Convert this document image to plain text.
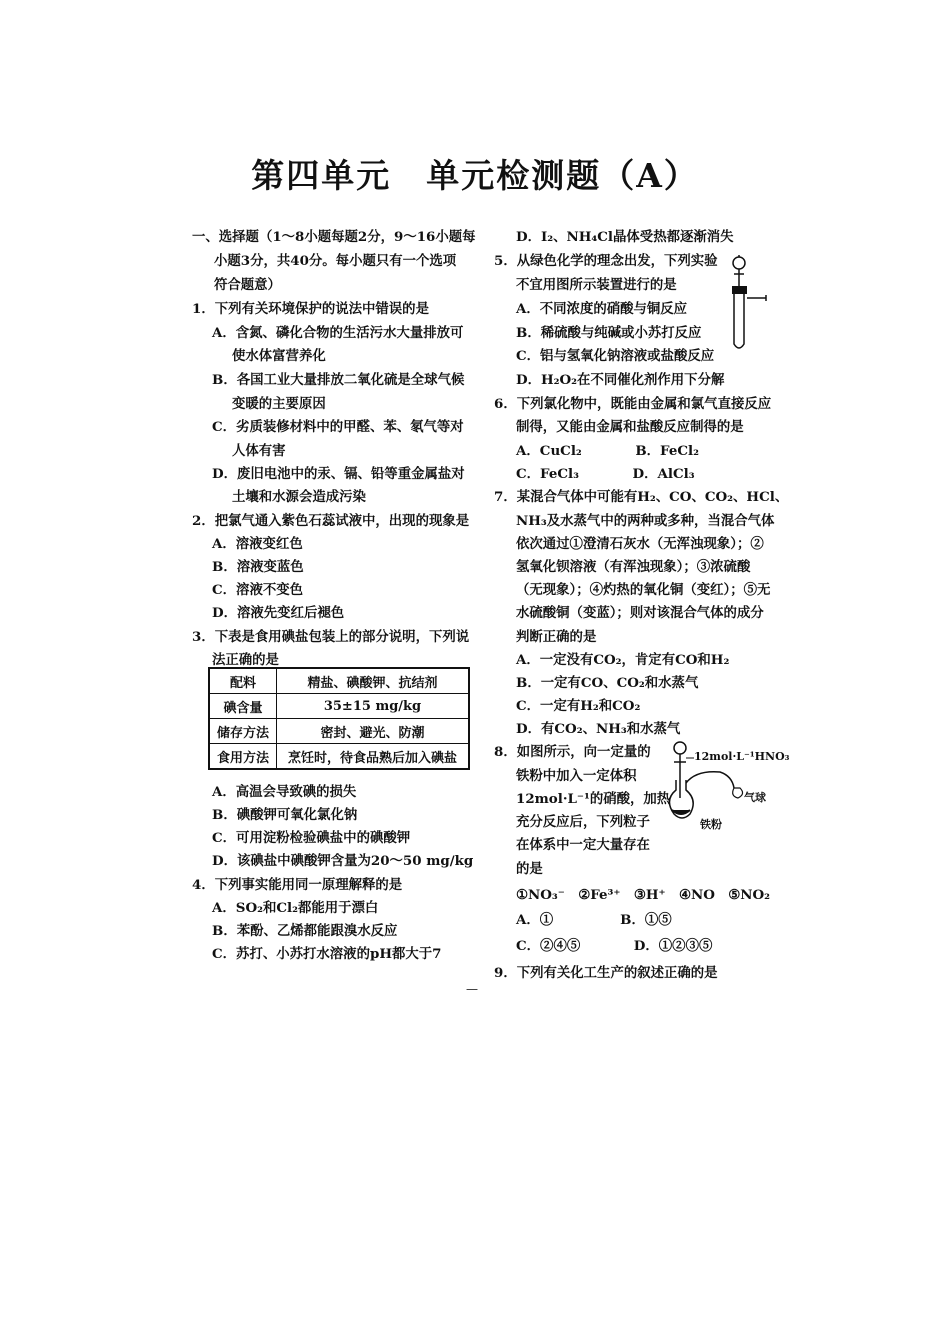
第四单元　单元检测题（A）
一、选择题（1～8小题每题2分，9～16小题每
小题3分，共40分。每小题只有一个选项
符合题意）
1．下列有关环境保护的说法中错误的是
A．含氮、磷化合物的生活污水大量排放可
使水体富营养化
B．各国工业大量排放二氧化硫是全球气候
变暖的主要原因
C．劣质装修材料中的甲醛、苯、氡气等对
人体有害
D．废旧电池中的汞、镉、铅等重金属盐对
土壤和水源会造成污染
2．把氯气通入紫色石蕊试液中，出现的现象是
A．溶液变红色
B．溶液变蓝色
C．溶液不变色
D．溶液先变红后褪色
3．下表是食用碘盐包装上的部分说明，下列说
法正确的是
配料	精盐、碘酸钾、抗结剂
碘含量	35±15 mg/kg
储存方法	密封、避光、防潮
食用方法	烹饪时，待食品熟后加入碘盐
A．高温会导致碘的损失
B．碘酸钾可氧化氯化钠
C．可用淀粉检验碘盐中的碘酸钾
D．该碘盐中碘酸钾含量为20～50 mg/kg
4．下列事实能用同一原理解释的是
A．SO₂和Cl₂都能用于漂白
B．苯酚、乙烯都能跟溴水反应
C．苏打、小苏打水溶液的pH都大于7
D．I₂、NH₄Cl晶体受热都逐渐消失
5．从绿色化学的理念出发，下列实验
不宜用图所示装置进行的是
A．不同浓度的硝酸与铜反应
B．稀硫酸与纯碱或小苏打反应
C．铝与氢氧化钠溶液或盐酸反应
D．H₂O₂在不同催化剂作用下分解
6．下列氯化物中，既能由金属和氯气直接反应
制得，又能由金属和盐酸反应制得的是
A．CuCl₂　　　　B．FeCl₂
C．FeCl₃　　　　D．AlCl₃
7．某混合气体中可能有H₂、CO、CO₂、HCl、
NH₃及水蒸气中的两种或多种，当混合气体
依次通过①澄清石灰水（无浑浊现象）；②
氢氧化钡溶液（有浑浊现象）；③浓硫酸
（无现象）；④灼热的氧化铜（变红）；⑤无
水硫酸铜（变蓝）；则对该混合气体的成分
判断正确的是
A．一定没有CO₂，肯定有CO和H₂
B．一定有CO、CO₂和水蒸气
C．一定有H₂和CO₂
D．有CO₂、NH₃和水蒸气
8．如图所示，向一定量的
铁粉中加入一定体积
12mol·L⁻¹的硝酸，加热
充分反应后，下列粒子
在体系中一定大量存在
的是
①NO₃⁻　②Fe³⁺　③H⁺　④NO　⑤NO₂
A．①　　　　　B．①⑤
C．②④⑤　　　　D．①②③⑤
9．下列有关化工生产的叙述正确的是
12mol·L⁻¹HNO₃
气球
铁粉
—
